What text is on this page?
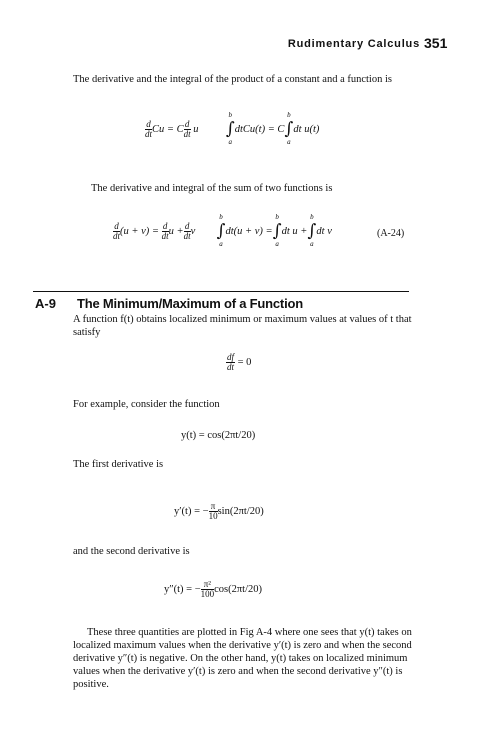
Rudimentary Calculus 351
The derivative and the integral of the product of a constant and a function is
$\frac{d}{dt}$ Cu = C $\frac{d}{dt}$ u
b
∫
a
dtCu(t) = C
b
∫
a
dt u(t)
The derivative and integral of the sum of two functions is
$\frac{d}{dt} (u + v) = \frac{d}{dt}$ $u + \frac{d}{dt}$ v
b
∫
a
dt(u + v) =
b
∫
a
dt u +
b
∫
a
dt v	(A-24)
A-9 The Minimum/Maximum of a Function
A function f(t) obtains localized minimum or maximum values at values of t that satisfy
$\frac{df}{dt} = 0$
For example, consider the function
y(t) = cos(2πt/20)
The first derivative is
y′(t) = − $\frac{\pi}{10} \sin(2\pi t/20)$
and the second derivative is
y″(t) = − $\frac{\text{π²}}{100} \cos(2\pi t/20)$
These three quantities are plotted in Fig A-4 where one sees that y(t) takes on localized maximum values when the derivative y′(t) is zero and when the second derivative y″(t) is negative. On the other hand, y(t) takes on localized minimum values when the derivative y′(t) is zero and when the second derivative y″(t) is positive.
